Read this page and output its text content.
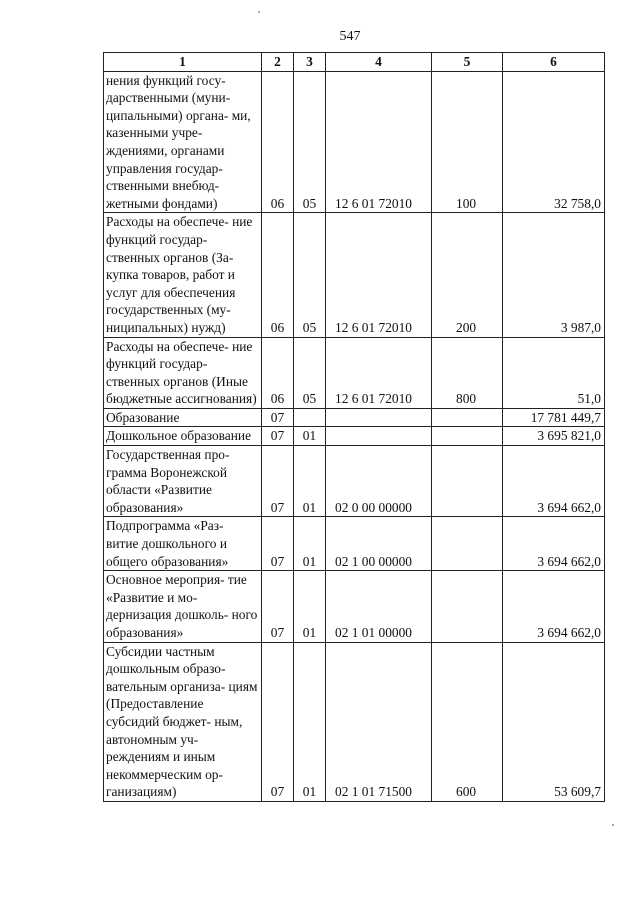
547
1	2	3	4	5	6
нения функций госу- дарственными (муни- ципальными) органа- ми, казенными учре- ждениями, органами управления государ- ственными внебюд- жетными фондами)	06	05	12 6 01 72010	100	32 758,0
Расходы на обеспече- ние функций государ- ственных органов (За- купка товаров, работ и услуг для обеспечения государственных (му- ниципальных) нужд)	06	05	12 6 01 72010	200	3 987,0
Расходы на обеспече- ние функций государ- ственных органов (Иные бюджетные ассигнования)	06	05	12 6 01 72010	800	51,0
Образование	07				17 781 449,7
Дошкольное образование	07	01			3 695 821,0
Государственная про- грамма Воронежской области «Развитие образования»	07	01	02 0 00 00000		3 694 662,0
Подпрограмма «Раз- витие дошкольного и общего образования»	07	01	02 1 00 00000		3 694 662,0
Основное мероприя- тие «Развитие и мо- дернизация дошколь- ного образования»	07	01	02 1 01 00000		3 694 662,0
Субсидии частным дошкольным образо- вательным организа- циям (Предоставление субсидий бюджет- ным, автономным уч- реждениям и иным некоммерческим ор- ганизациям)	07	01	02 1 01 71500	600	53 609,7
